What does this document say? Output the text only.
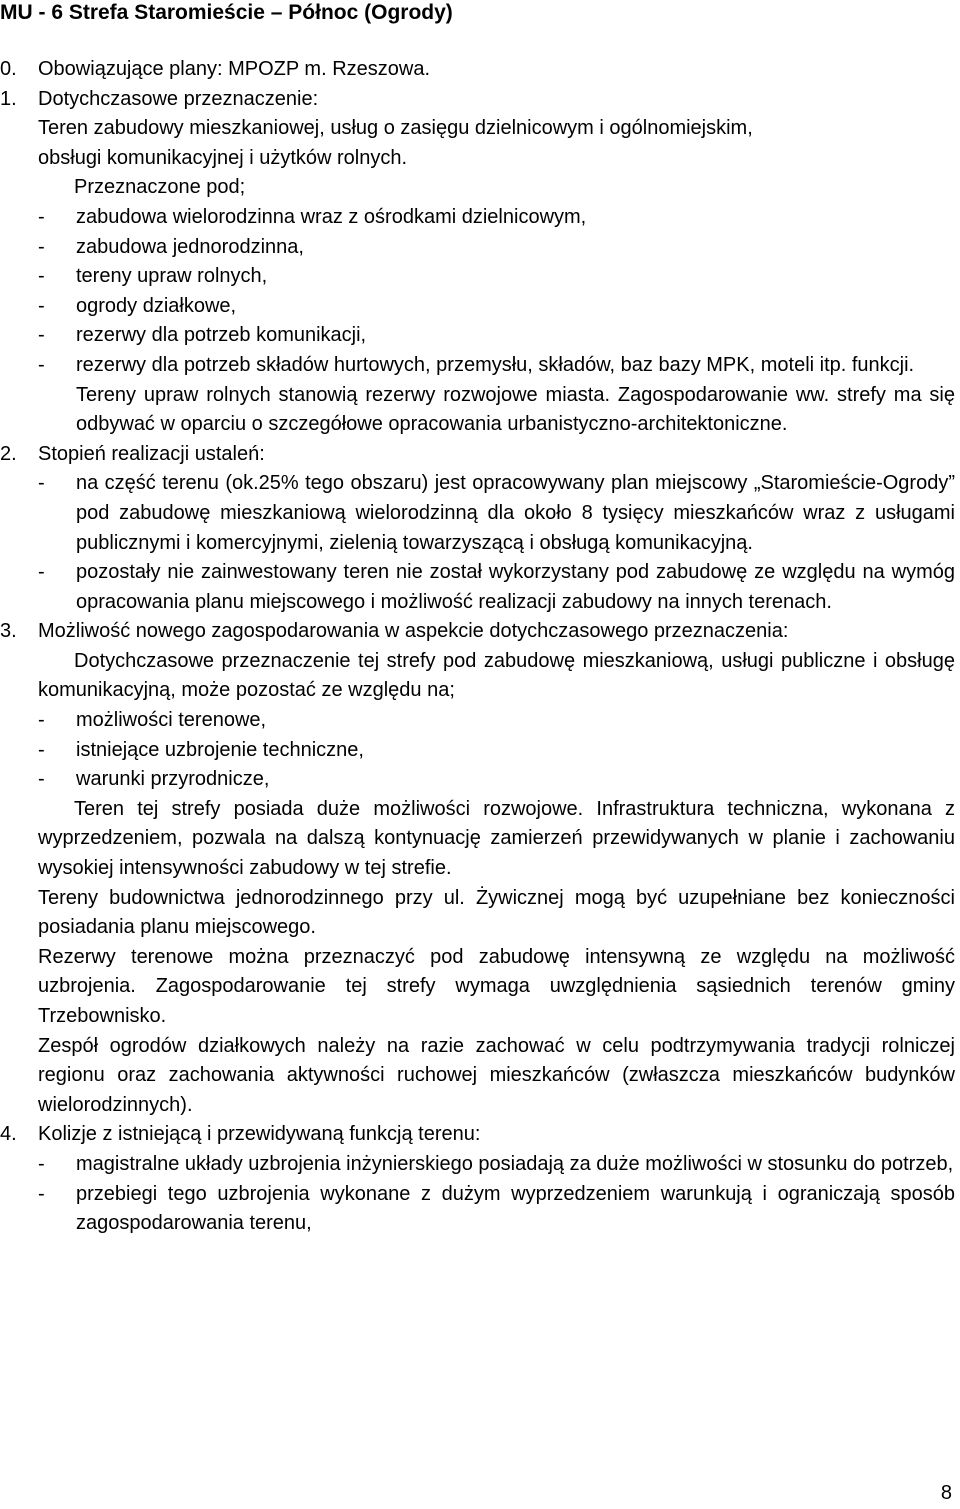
MU - 6 Strefa Staromieście – Północ (Ogrody)
0.	Obowiązujące plany: MPOZP m. Rzeszowa.
1.	Dotychczasowe przeznaczenie:
Teren zabudowy mieszkaniowej, usług o zasięgu dzielnicowym i ogólnomiejskim,
obsługi komunikacyjnej i użytków rolnych.
Przeznaczone pod;
-	zabudowa wielorodzinna wraz z ośrodkami dzielnicowym,
-	zabudowa jednorodzinna,
-	tereny upraw rolnych,
-	ogrody działkowe,
-	rezerwy dla potrzeb komunikacji,
-	rezerwy dla potrzeb składów hurtowych, przemysłu, składów, baz bazy MPK, moteli itp. funkcji.
Tereny upraw rolnych stanowią rezerwy rozwojowe miasta. Zagospodarowanie ww. strefy ma się odbywać w oparciu o szczegółowe opracowania urbanistyczno-architektoniczne.
2.	Stopień realizacji ustaleń:
-	na część terenu (ok.25% tego obszaru) jest opracowywany plan miejscowy „Staromieście-Ogrody” pod zabudowę mieszkaniową wielorodzinną dla około 8 tysięcy mieszkańców wraz z usługami publicznymi i komercyjnymi, zielenią towarzyszącą i obsługą komunikacyjną.
-	pozostały nie zainwestowany teren nie został wykorzystany pod zabudowę ze względu na wymóg opracowania planu miejscowego i możliwość realizacji zabudowy na innych terenach.
3.	Możliwość nowego zagospodarowania w aspekcie dotychczasowego przeznaczenia:
Dotychczasowe przeznaczenie tej strefy pod zabudowę mieszkaniową, usługi publiczne i obsługę komunikacyjną, może pozostać ze względu na;
-	możliwości terenowe,
-	istniejące uzbrojenie techniczne,
-	warunki przyrodnicze,
Teren tej strefy posiada duże możliwości rozwojowe. Infrastruktura techniczna, wykonana z wyprzedzeniem, pozwala na dalszą kontynuację zamierzeń przewidywanych w planie i zachowaniu wysokiej intensywności zabudowy w tej strefie.
Tereny budownictwa jednorodzinnego przy ul. Żywicznej mogą być uzupełniane bez konieczności posiadania planu miejscowego.
Rezerwy terenowe można przeznaczyć pod zabudowę intensywną ze względu na możliwość uzbrojenia. Zagospodarowanie tej strefy wymaga uwzględnienia sąsiednich terenów gminy Trzebownisko.
Zespół ogrodów działkowych należy na razie zachować w celu podtrzymywania tradycji rolniczej regionu oraz zachowania aktywności ruchowej mieszkańców (zwłaszcza mieszkańców budynków wielorodzinnych).
4.	Kolizje z istniejącą i przewidywaną funkcją terenu:
-	magistralne układy uzbrojenia inżynierskiego posiadają za duże możliwości w stosunku do potrzeb,
-	przebiegi tego uzbrojenia wykonane z dużym wyprzedzeniem warunkują i ograniczają sposób zagospodarowania terenu,
8
